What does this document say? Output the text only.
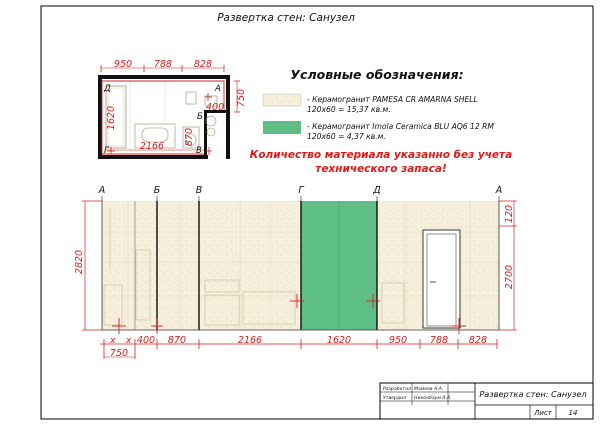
Развертка стен: Санузел
Д	А
Б
Г	В
950 788 828
1620
750
400
2166
870
Условные обозначения:
- Керамогранит PAMESA CR AMARNA SHELL
120x60 = 15,37 кв.м.
- Керамогранит Imola Ceramica BLU AQ6 12 RM
120x60 = 4,37 кв.м.
Количество материала указанно без учета
технического запаса!
А	Б	В	Г	Д	А
2820
120
2700
x x
750
400 870	2166	1620	950 788 828
Разработал Мамеев А.А.
Утвердил Никонбаум А.А.	Развертка стен: Санузел
Лист 14
